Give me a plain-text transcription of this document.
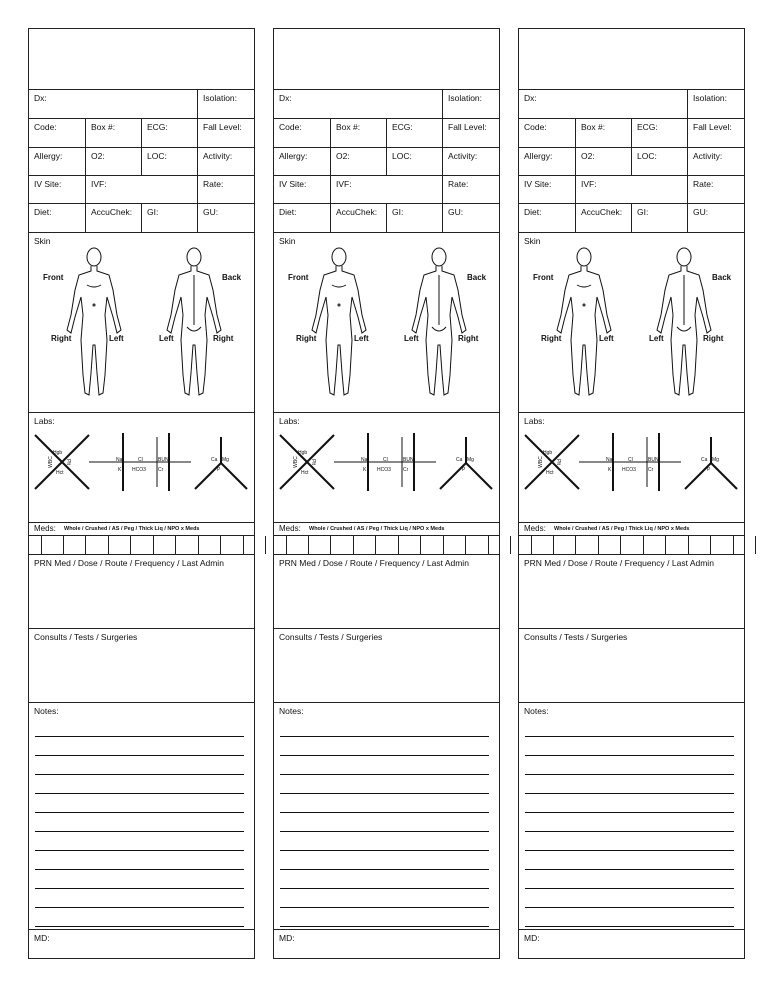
Dx:	Isolation:
Code:	Box #:	ECG:	Fall Level:
Allergy:	O2:	LOC:	Activity:
IV Site:	IVF:	Rate:
Diet:	AccuChek: GI:	GU:
Skin
Front	Back
Right	Left	Left	Right
Labs:
Hgb
WBC Plt
Hct
Na	Cl	BUN
K HCO3 Cr
Ca Mg
P
Meds: Whole / Crushed / AS / Peg / Thick Liq / NPO x Meds
PRN Med / Dose / Route / Frequency / Last Admin
Consults / Tests / Surgeries
Notes:
MD:
Dx:	Isolation:
Code:	Box #:	ECG:	Fall Level:
Allergy:	O2:	LOC:	Activity:
IV Site:	IVF:	Rate:
Diet:	AccuChek: GI:	GU:
Skin
Front	Back
Right	Left	Left	Right
Labs:
Hgb
WBC Plt
Hct
Na	Cl	BUN
K HCO3 Cr
Ca Mg
P
Meds: Whole / Crushed / AS / Peg / Thick Liq / NPO x Meds
PRN Med / Dose / Route / Frequency / Last Admin
Consults / Tests / Surgeries
Notes:
MD:
Dx:	Isolation:
Code:	Box #:	ECG:	Fall Level:
Allergy:	O2:	LOC:	Activity:
IV Site:	IVF:	Rate:
Diet:	AccuChek: GI:	GU:
Skin
Front	Back
Right	Left	Left	Right
Labs:
Hgb
WBC Plt
Hct
Na	Cl	BUN
K HCO3 Cr
Ca Mg
P
Meds: Whole / Crushed / AS / Peg / Thick Liq / NPO x Meds
PRN Med / Dose / Route / Frequency / Last Admin
Consults / Tests / Surgeries
Notes:
MD:
